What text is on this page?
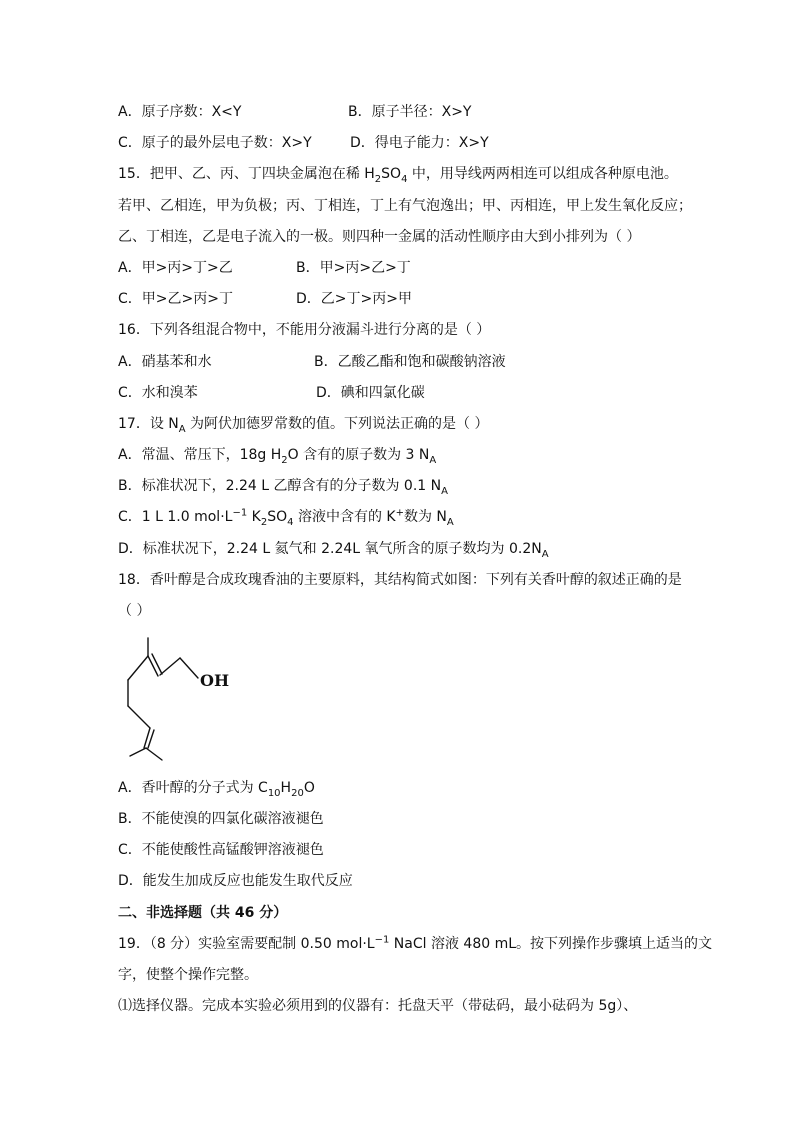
A．原子序数：X<Y	B．原子半径：X>Y
C．原子的最外层电子数：X>Y	D．得电子能力：X>Y
15．把甲、乙、丙、丁四块金属泡在稀 $H_2SO_4$ 中，用导线两两相连可以组成各种原电池。
若甲、乙相连，甲为负极；丙、丁相连，丁上有气泡逸出；甲、丙相连，甲上发生氧化反应；
乙、丁相连，乙是电子流入的一极。则四种一金属的活动性顺序由大到小排列为（ ）
A．甲>丙>丁>乙	B．甲>丙>乙>丁
C．甲>乙>丙>丁	D．乙>丁>丙>甲
16．下列各组混合物中，不能用分液漏斗进行分离的是（ ）
A．硝基苯和水	B．乙酸乙酯和饱和碳酸钠溶液
C．水和溴苯	D．碘和四氯化碳
17．设 $N_A$ 为阿伏加德罗常数的值。下列说法正确的是（ ）
A．常温、常压下，18g $H_2O$ 含有的原子数为 3 $N_A$
B．标准状况下，2.24 L 乙醇含有的分子数为 0.1 $N_A$
C．1 L 1.0 $mol\cdot L^{-1}$ $K_2SO_4$ 溶液中含有的 K+数为 $N_A$
D．标准状况下，2.24 L 氦气和 2.24L 氧气所含的原子数均为 $0.2N_A$
18．香叶醇是合成玫瑰香油的主要原料，其结构简式如图：下列有关香叶醇的叙述正确的是
（ ）
OH
A．香叶醇的分子式为 $C_{10}H_{20}O$
B．不能使溴的四氯化碳溶液褪色
C．不能使酸性高锰酸钾溶液褪色
D．能发生加成反应也能发生取代反应
二、非选择题（共 46 分）
19．（8 分）实验室需要配制 0.50 $mol\cdot L^{-1}$ NaCl 溶液 480 mL。按下列操作步骤填上适当的文
字，使整个操作完整。
⑴选择仪器。完成本实验必须用到的仪器有：托盘天平（带砝码，最小砝码为 5g）、
